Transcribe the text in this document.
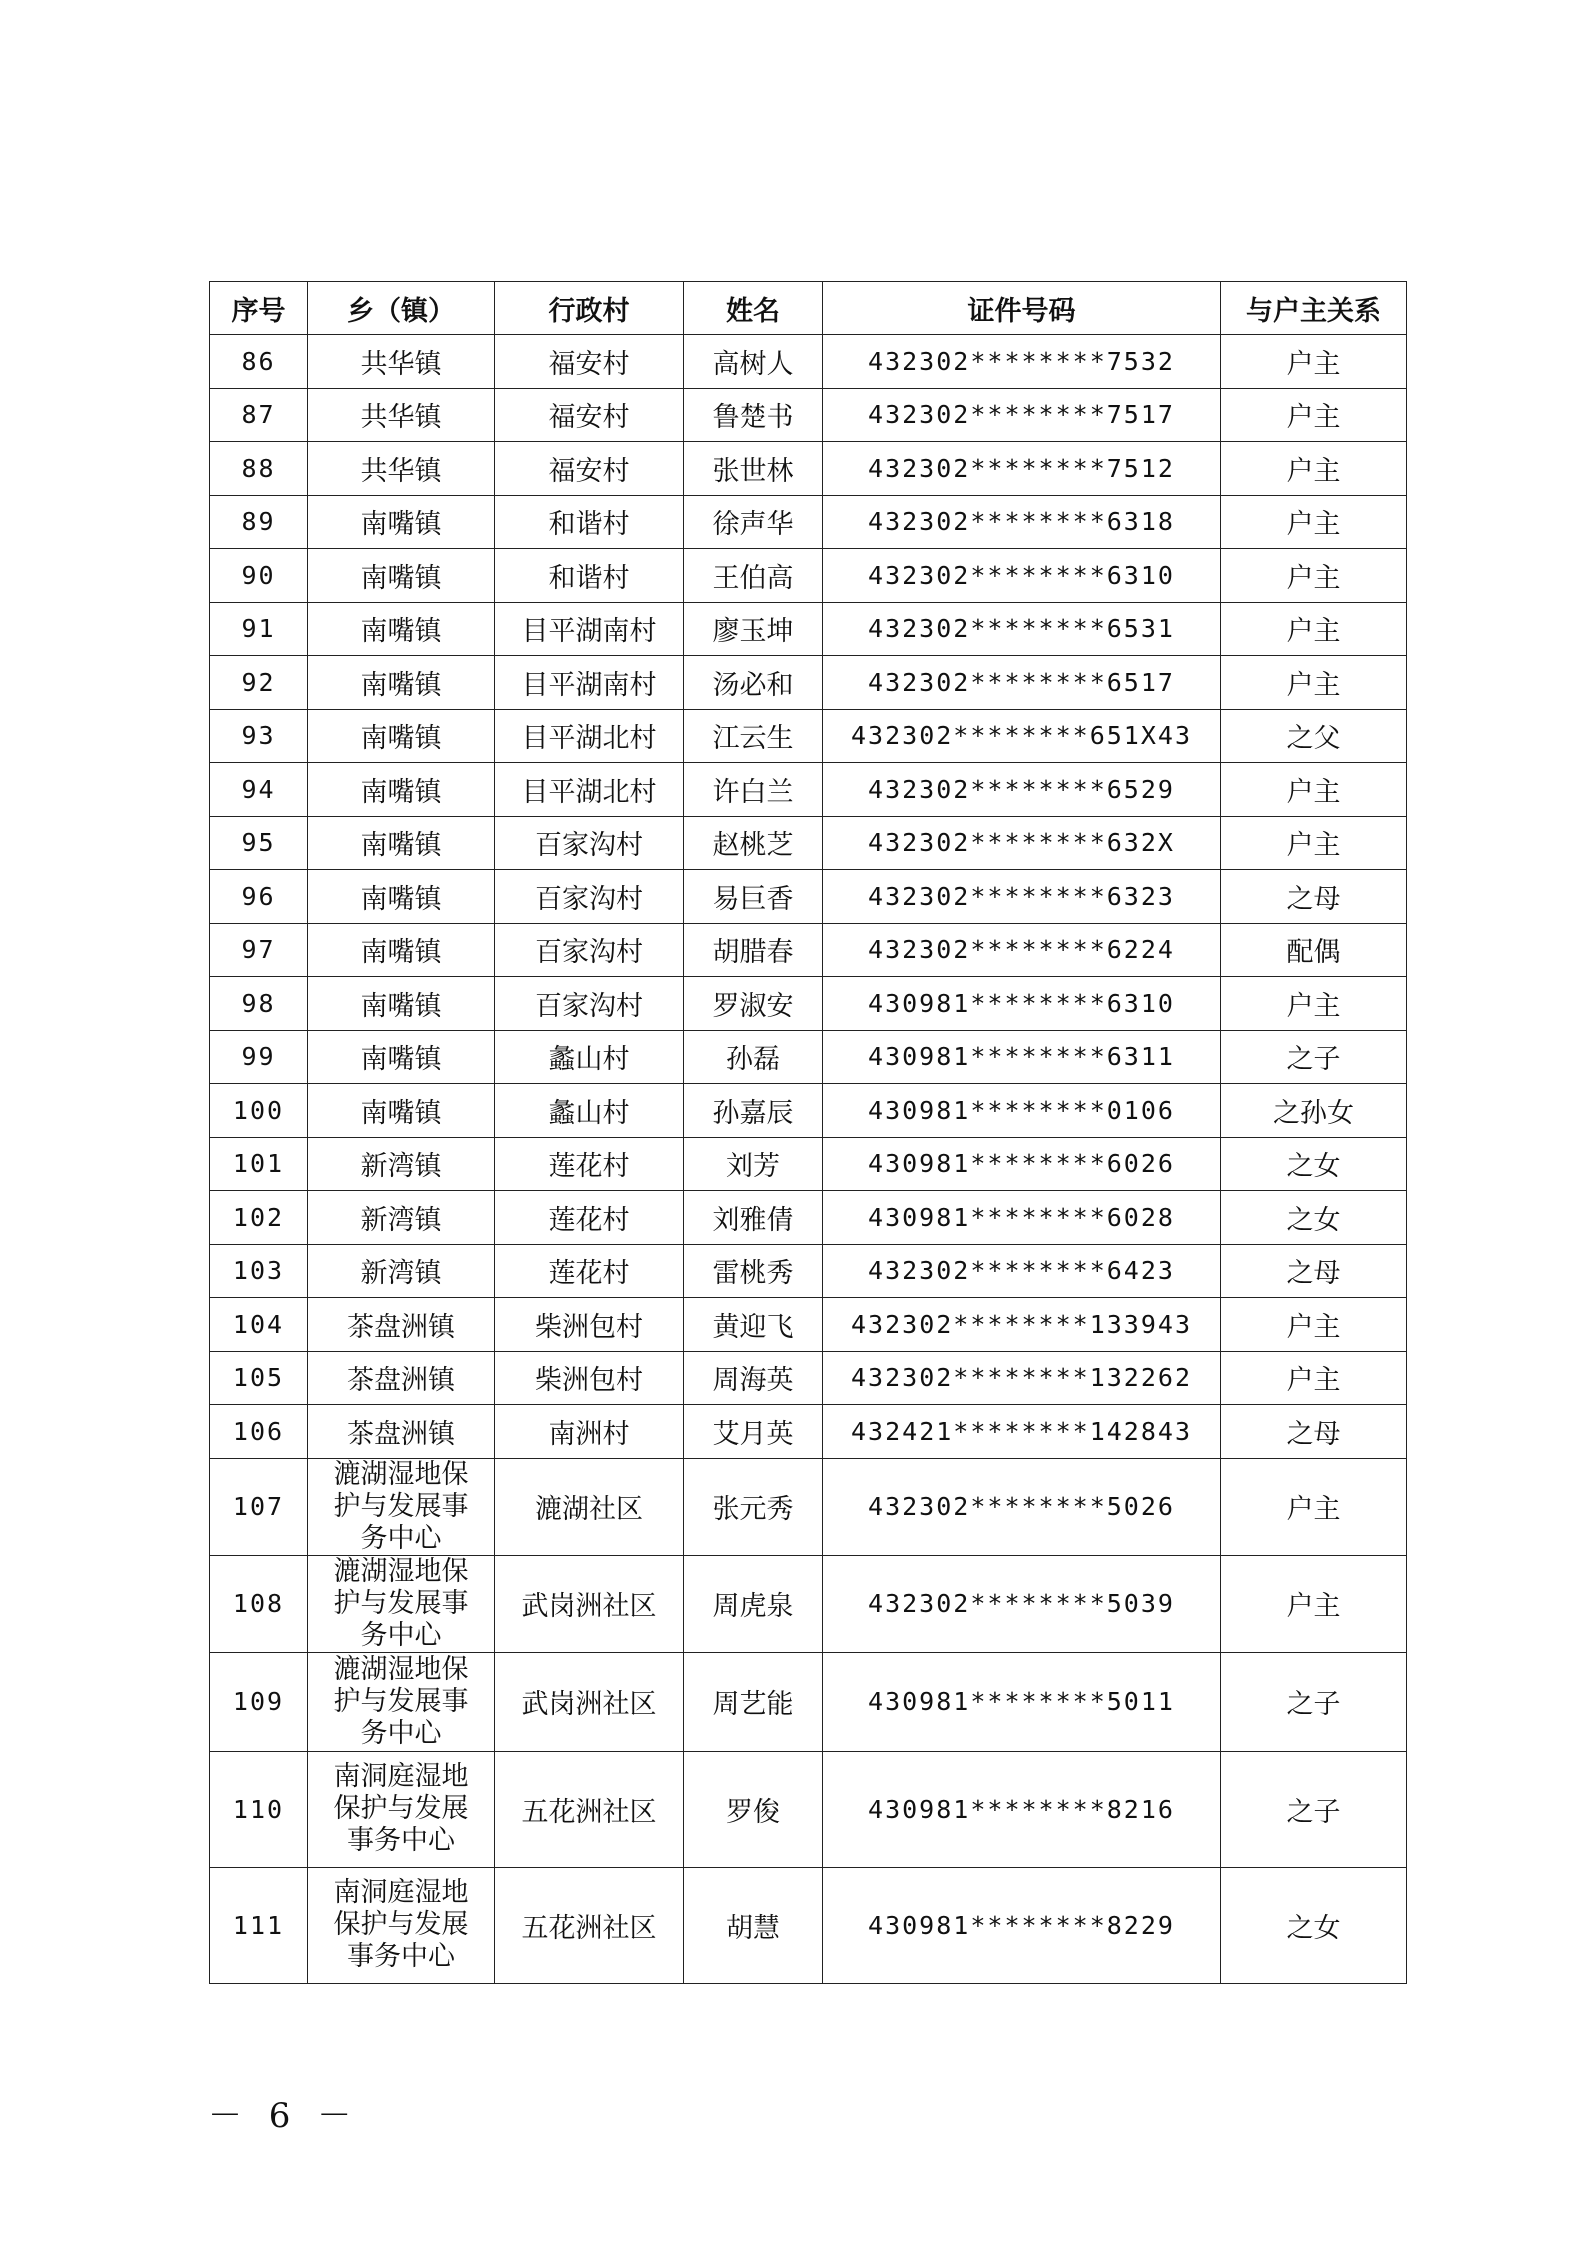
序号	乡（镇）	行政村	姓名	证件号码	与户主关系
86	共华镇	福安村	高树人	432302********7532	户主
87	共华镇	福安村	鲁楚书	432302********7517	户主
88	共华镇	福安村	张世林	432302********7512	户主
89	南嘴镇	和谐村	徐声华	432302********6318	户主
90	南嘴镇	和谐村	王伯高	432302********6310	户主
91	南嘴镇	目平湖南村	廖玉坤	432302********6531	户主
92	南嘴镇	目平湖南村	汤必和	432302********6517	户主
93	南嘴镇	目平湖北村	江云生	432302********651X43	之父
94	南嘴镇	目平湖北村	许白兰	432302********6529	户主
95	南嘴镇	百家沟村	赵桃芝	432302********632X	户主
96	南嘴镇	百家沟村	易巨香	432302********6323	之母
97	南嘴镇	百家沟村	胡腊春	432302********6224	配偶
98	南嘴镇	百家沟村	罗淑安	430981********6310	户主
99	南嘴镇	蠡山村	孙磊	430981********6311	之子
100	南嘴镇	蠡山村	孙嘉辰	430981********0106	之孙女
101	新湾镇	莲花村	刘芳	430981********6026	之女
102	新湾镇	莲花村	刘雅倩	430981********6028	之女
103	新湾镇	莲花村	雷桃秀	432302********6423	之母
104	茶盘洲镇	柴洲包村	黄迎飞	432302********133943	户主
105	茶盘洲镇	柴洲包村	周海英	432302********132262	户主
106	茶盘洲镇	南洲村	艾月英	432421********142843	之母
107	漉湖湿地保护与发展事务中心	漉湖社区	张元秀	432302********5026	户主
108	漉湖湿地保护与发展事务中心	武岗洲社区	周虎泉	432302********5039	户主
109	漉湖湿地保护与发展事务中心	武岗洲社区	周艺能	430981********5011	之子
110	南洞庭湿地保护与发展事务中心	五花洲社区	罗俊	430981********8216	之子
111	南洞庭湿地保护与发展事务中心	五花洲社区	胡慧	430981********8229	之女
－ 6 －
